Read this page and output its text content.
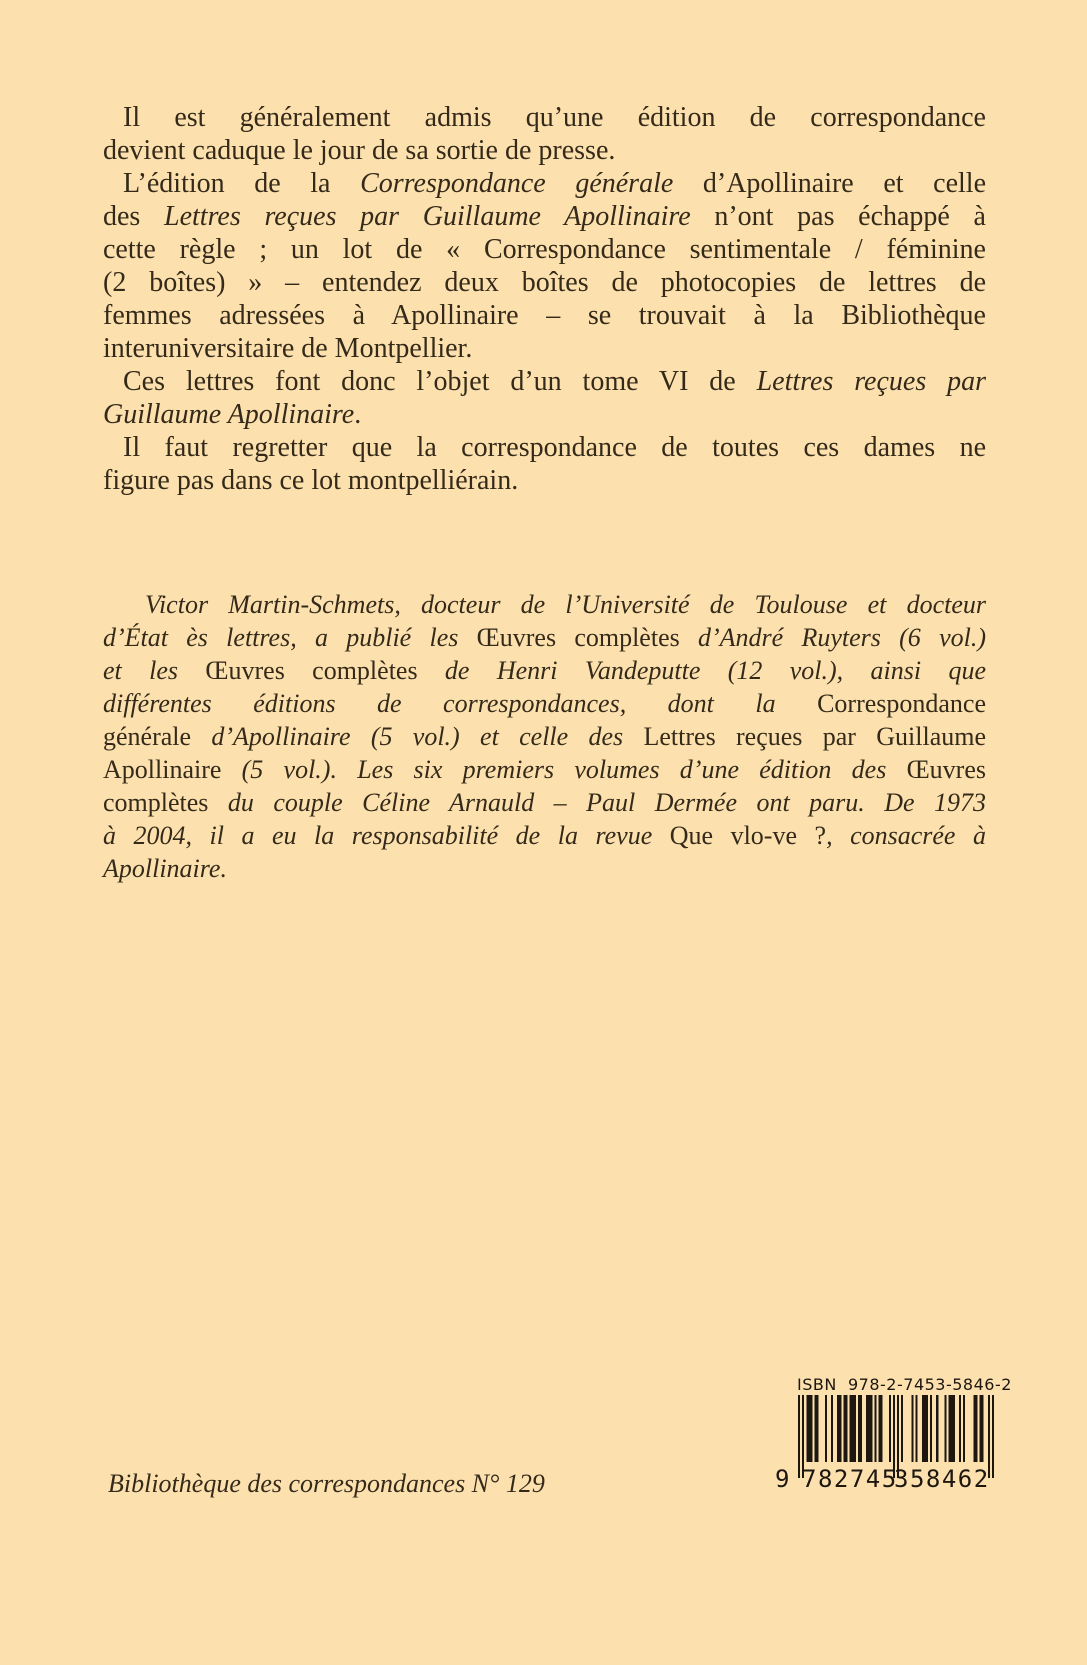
Il est généralement admis qu’une édition de correspondance
devient caduque le jour de sa sortie de presse.
L’édition de la Correspondance générale d’Apollinaire et celle
des Lettres reçues par Guillaume Apollinaire n’ont pas échappé à
cette règle ; un lot de « Correspondance sentimentale / féminine
(2 boîtes) » – entendez deux boîtes de photocopies de lettres de
femmes adressées à Apollinaire – se trouvait à la Bibliothèque
interuniversitaire de Montpellier.
Ces lettres font donc l’objet d’un tome VI de Lettres reçues par
Guillaume Apollinaire.
Il faut regretter que la correspondance de toutes ces dames ne
figure pas dans ce lot montpelliérain.
Victor Martin-Schmets, docteur de l’Université de Toulouse et docteur
d’État ès lettres, a publié les Œuvres complètes d’André Ruyters (6 vol.)
et les Œuvres complètes de Henri Vandeputte (12 vol.), ainsi que
différentes éditions de correspondances, dont la Correspondance
générale d’Apollinaire (5 vol.) et celle des Lettres reçues par Guillaume
Apollinaire (5 vol.). Les six premiers volumes d’une édition des Œuvres
complètes du couple Céline Arnauld – Paul Dermée ont paru. De 1973
à 2004, il a eu la responsabilité de la revue Que vlo-ve ?, consacrée à
Apollinaire.
Bibliothèque des correspondances N° 129
ISBN  978-2-7453-5846-2
9 782745
358462
